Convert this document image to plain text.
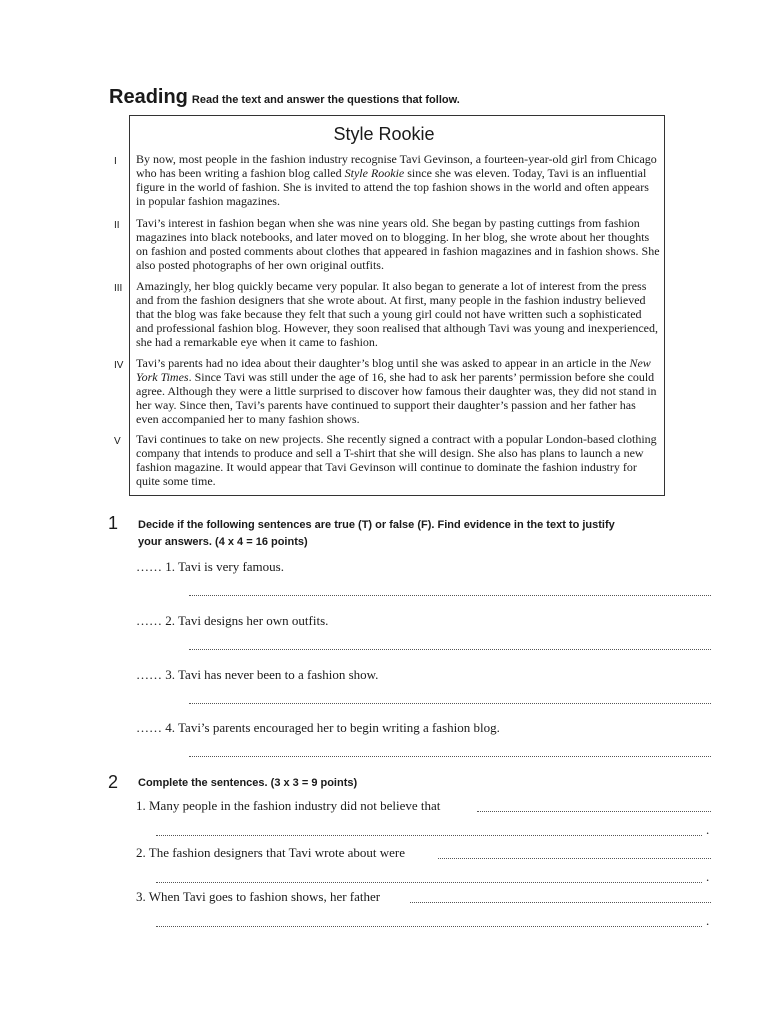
Reading Read the text and answer the questions that follow.
Style Rookie
I By now, most people in the fashion industry recognise Tavi Gevinson, a fourteen-year-old girl from Chicago who has been writing a fashion blog called Style Rookie since she was eleven. Today, Tavi is an influential figure in the world of fashion. She is invited to attend the top fashion shows in the world and often appears in popular fashion magazines.

II Tavi’s interest in fashion began when she was nine years old. She began by pasting cuttings from fashion magazines into black notebooks, and later moved on to blogging. In her blog, she wrote about her thoughts on fashion and posted comments about clothes that appeared in fashion magazines and in fashion shows. She also posted photographs of her own original outfits.

III Amazingly, her blog quickly became very popular. It also began to generate a lot of interest from the press and from the fashion designers that she wrote about. At first, many people in the fashion industry believed that the blog was fake because they felt that such a young girl could not have written such a sophisticated and professional fashion blog. However, they soon realised that although Tavi was young and inexperienced, she had a remarkable eye when it came to fashion.

IV Tavi’s parents had no idea about their daughter’s blog until she was asked to appear in an article in the New York Times. Since Tavi was still under the age of 16, she had to ask her parents’ permission before she could agree. Although they were a little surprised to discover how famous their daughter was, they did not stand in her way. Since then, Tavi’s parents have continued to support their daughter’s passion and her father has even accompanied her to many fashion shows.

V Tavi continues to take on new projects. She recently signed a contract with a popular London-based clothing company that intends to produce and sell a T-shirt that she will design. She also has plans to launch a new fashion magazine. It would appear that Tavi Gevinson will continue to dominate the fashion industry for quite some time.

1 Decide if the following sentences are true (T) or false (F). Find evidence in the text to justify
your answers. (4 x 4 = 16 points)
…… 1. Tavi is very famous.
…… 2. Tavi designs her own outfits.
…… 3. Tavi has never been to a fashion show.
…… 4. Tavi’s parents encouraged her to begin writing a fashion blog.
2 Complete the sentences. (3 x 3 = 9 points)
1. Many people in the fashion industry did not believe that
.
2. The fashion designers that Tavi wrote about were
.
3. When Tavi goes to fashion shows, her father
.
